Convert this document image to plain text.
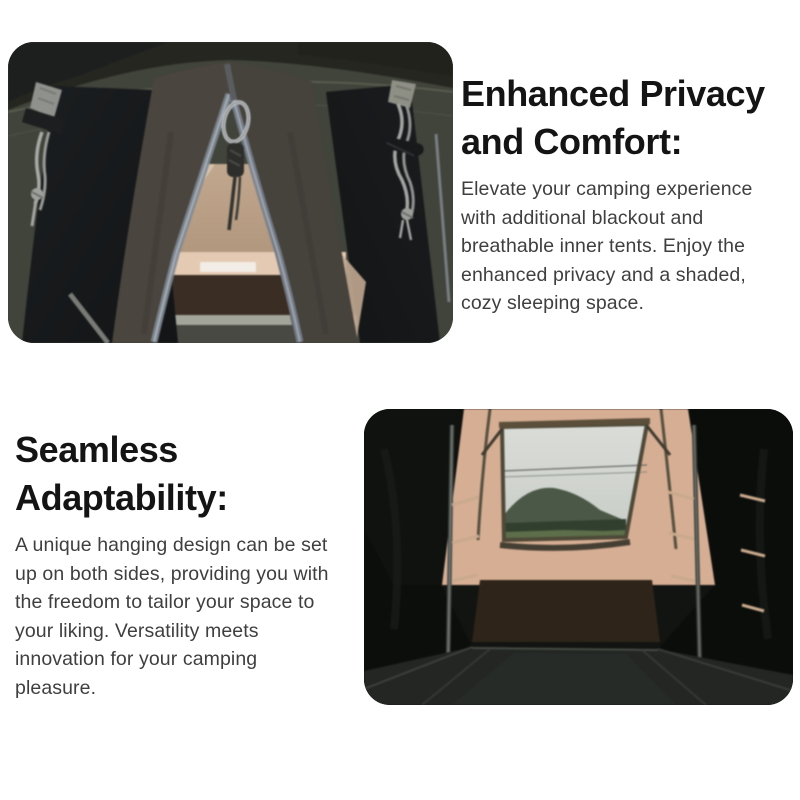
Enhanced Privacy
and Comfort:
Elevate your camping experience
with additional blackout and
breathable inner tents. Enjoy the
enhanced privacy and a shaded,
cozy sleeping space.
Seamless
Adaptability:
A unique hanging design can be set
up on both sides, providing you with
the freedom to tailor your space to
your liking. Versatility meets
innovation for your camping
pleasure.
